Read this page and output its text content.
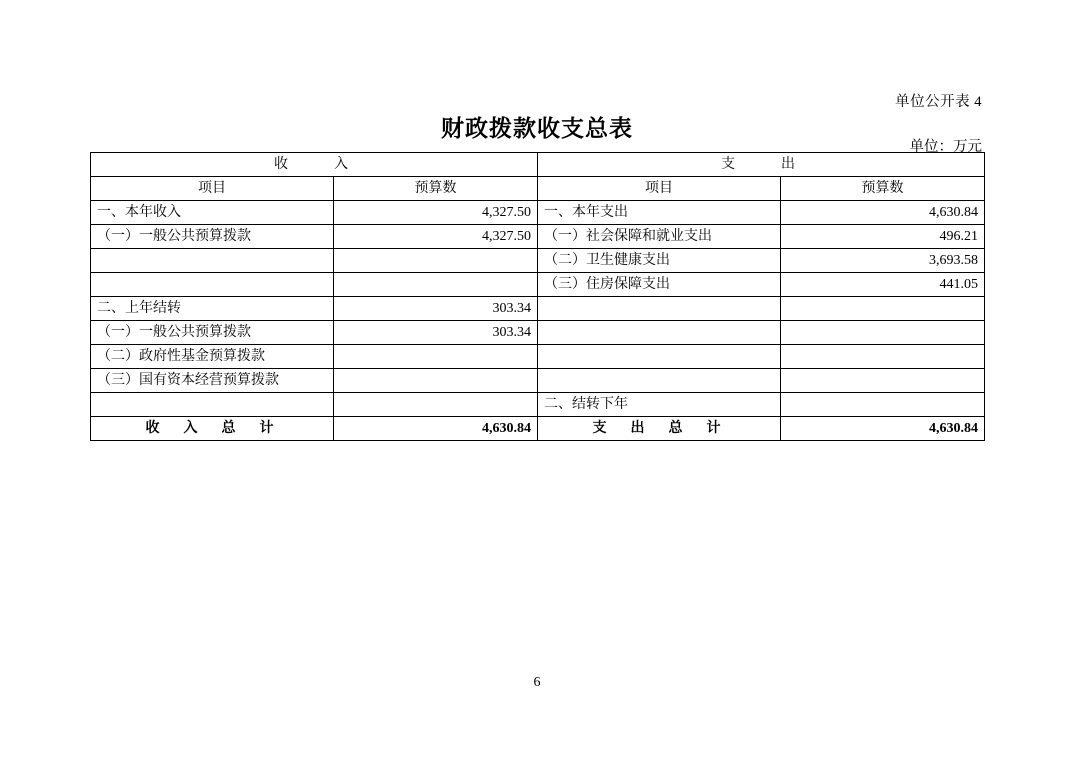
单位公开表 4
财政拨款收支总表
单位：万元
收　　入		支　　出	
项目	预算数	项目	预算数
一、本年收入	4,327.50	一、本年支出	4,630.84
（一）一般公共预算拨款	4,327.50	（一）社会保障和就业支出	496.21
		（二）卫生健康支出	3,693.58
		（三）住房保障支出	441.05
二、上年结转	303.34		
（一）一般公共预算拨款	303.34		
（二）政府性基金预算拨款			
（三）国有资本经营预算拨款			
		二、结转下年	
收　入　总　计	4,630.84	支　出　总　计	4,630.84
6
